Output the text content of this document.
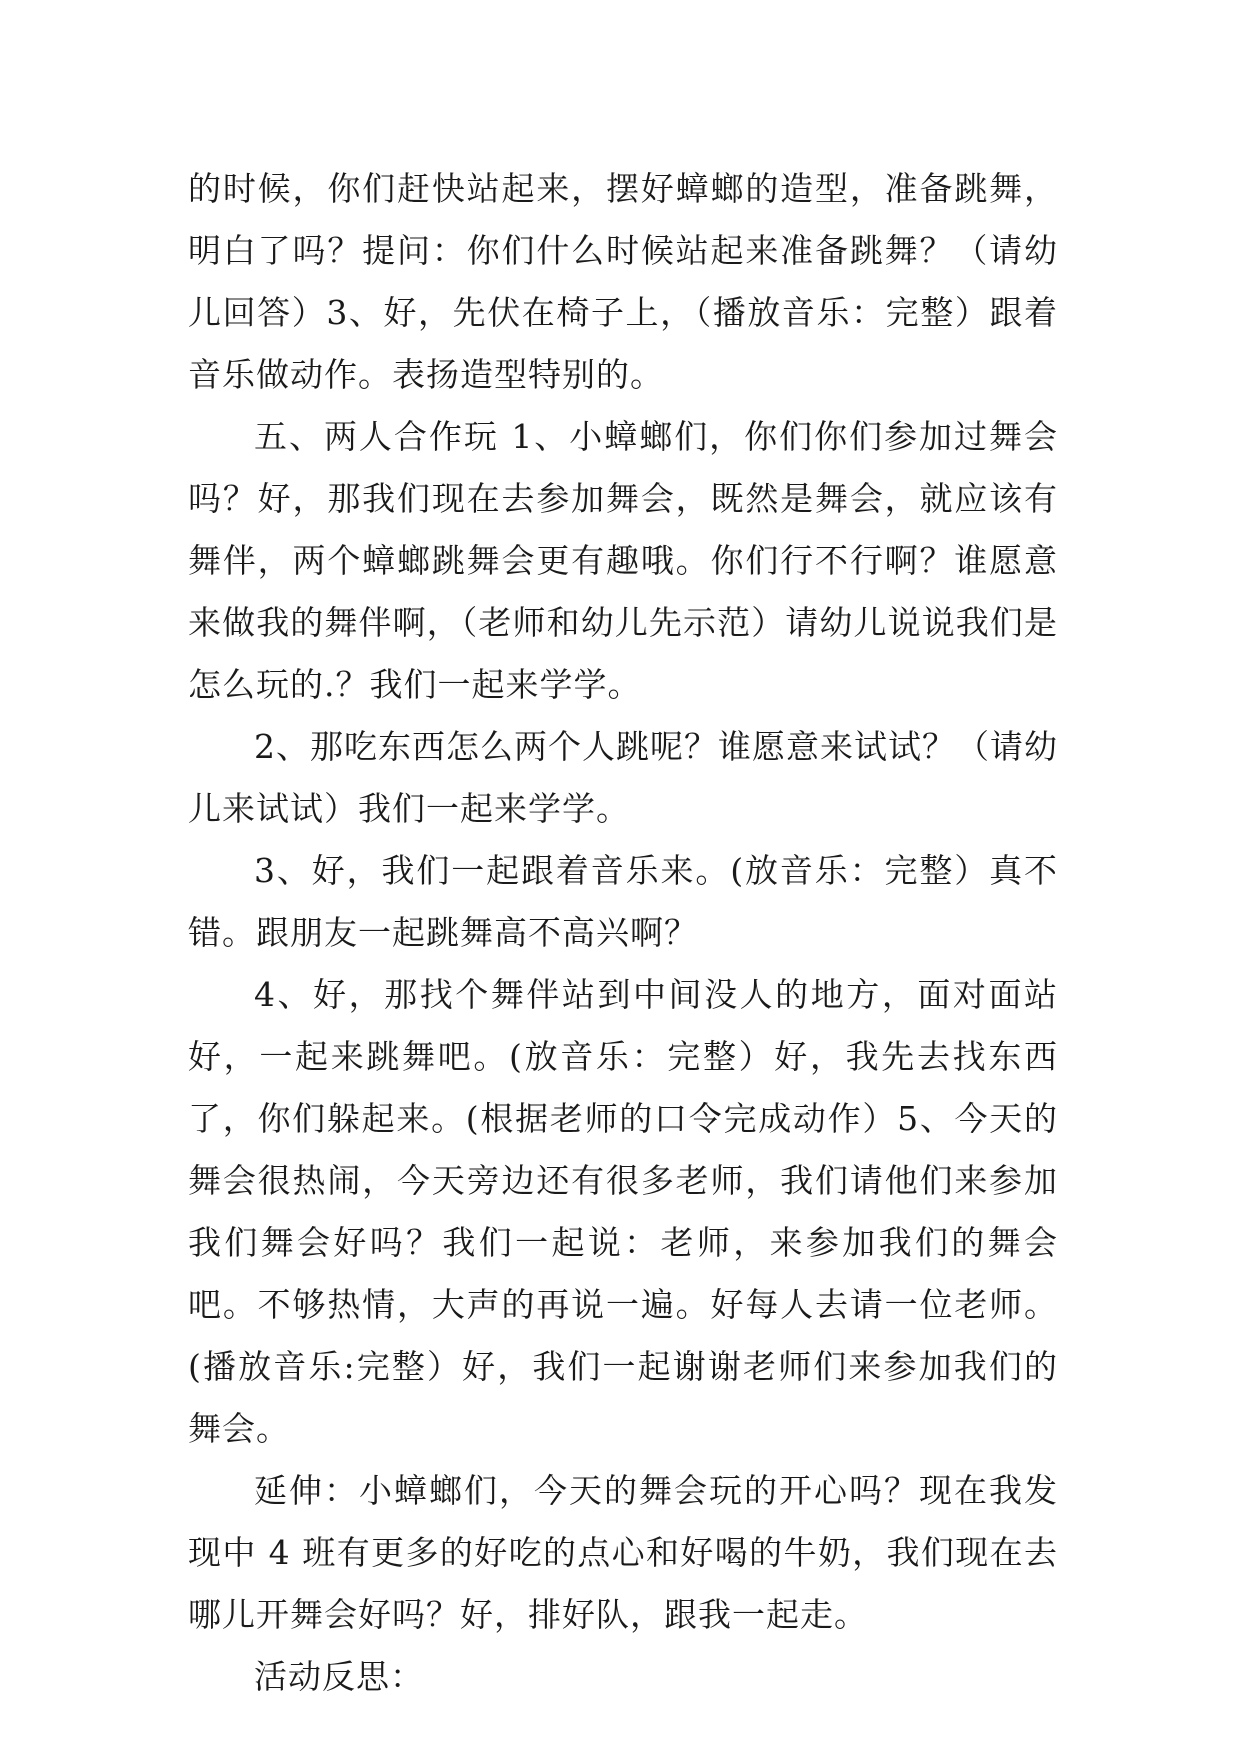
的时候，你们赶快站起来，摆好蟑螂的造型，准备跳舞，明白了吗？提问：你们什么时候站起来准备跳舞？（请幼儿回答）3、好，先伏在椅子上，（播放音乐：完整）跟着音乐做动作。表扬造型特别的。

五、两人合作玩 1、小蟑螂们，你们你们参加过舞会吗？好，那我们现在去参加舞会，既然是舞会，就应该有舞伴，两个蟑螂跳舞会更有趣哦。你们行不行啊？谁愿意来做我的舞伴啊，（老师和幼儿先示范）请幼儿说说我们是怎么玩的.？我们一起来学学。

2、那吃东西怎么两个人跳呢？谁愿意来试试？（请幼儿来试试）我们一起来学学。

3、好，我们一起跟着音乐来。(放音乐：完整）真不错。跟朋友一起跳舞高不高兴啊？

4、好，那找个舞伴站到中间没人的地方，面对面站好，一起来跳舞吧。(放音乐：完整）好，我先去找东西了，你们躲起来。(根据老师的口令完成动作）5、今天的舞会很热闹，今天旁边还有很多老师，我们请他们来参加我们舞会好吗？我们一起说：老师，来参加我们的舞会吧。不够热情，大声的再说一遍。好每人去请一位老师。(播放音乐:完整）好，我们一起谢谢老师们来参加我们的舞会。

延伸：小蟑螂们，今天的舞会玩的开心吗？现在我发现中 4 班有更多的好吃的点心和好喝的牛奶，我们现在去哪儿开舞会好吗？好，排好队，跟我一起走。

活动反思：
